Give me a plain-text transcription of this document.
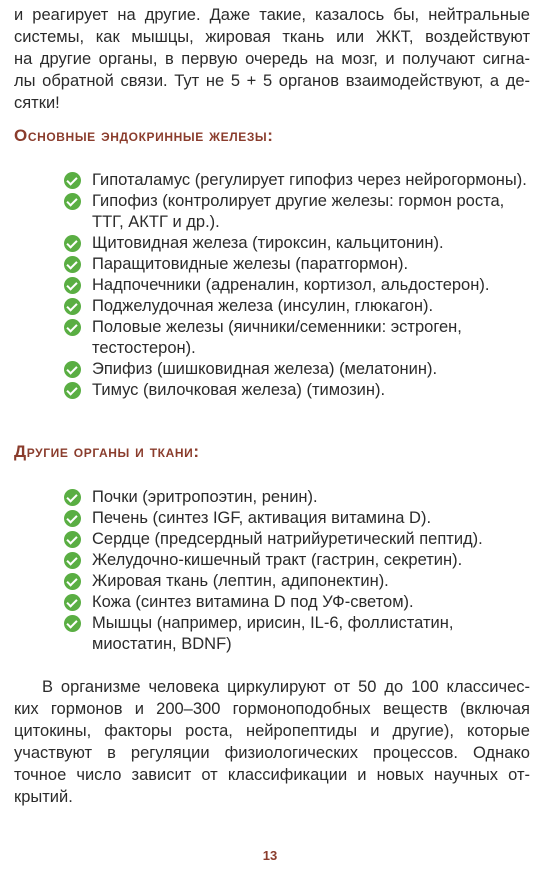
и реагирует на другие. Даже такие, казалось бы, нейтральные
системы, как мышцы, жировая ткань или ЖКТ, воздействуют
на другие органы, в первую очередь на мозг, и получают сигна-
лы обратной связи. Тут не 5 + 5 органов взаимодействуют, а де-
сятки!
Основные эндокринные железы:
Гипоталамус (регулирует гипофиз через нейрогормоны).
Гипофиз (контролирует другие железы: гормон роста, ТТГ, АКТГ и др.).
Щитовидная железа (тироксин, кальцитонин).
Паращитовидные железы (паратгормон).
Надпочечники (адреналин, кортизол, альдостерон).
Поджелудочная железа (инсулин, глюкагон).
Половые железы (яичники/семенники: эстроген, тестостерон).
Эпифиз (шишковидная железа) (мелатонин).
Тимус (вилочковая железа) (тимозин).
Другие органы и ткани:
Почки (эритропоэтин, ренин).
Печень (синтез IGF, активация витамина D).
Сердце (предсердный натрийуретический пептид).
Желудочно-кишечный тракт (гастрин, секретин).
Жировая ткань (лептин, адипонектин).
Кожа (синтез витамина D под УФ-светом).
Мышцы (например, ирисин, IL-6, фоллистатин, миостатин, BDNF)
В организме человека циркулируют от 50 до 100 классичес-
ких гормонов и 200–300 гормоноподобных веществ (включая
цитокины, факторы роста, нейропептиды и другие), которые
участвуют в регуляции физиологических процессов. Однако
точное число зависит от классификации и новых научных от-
крытий.
13
